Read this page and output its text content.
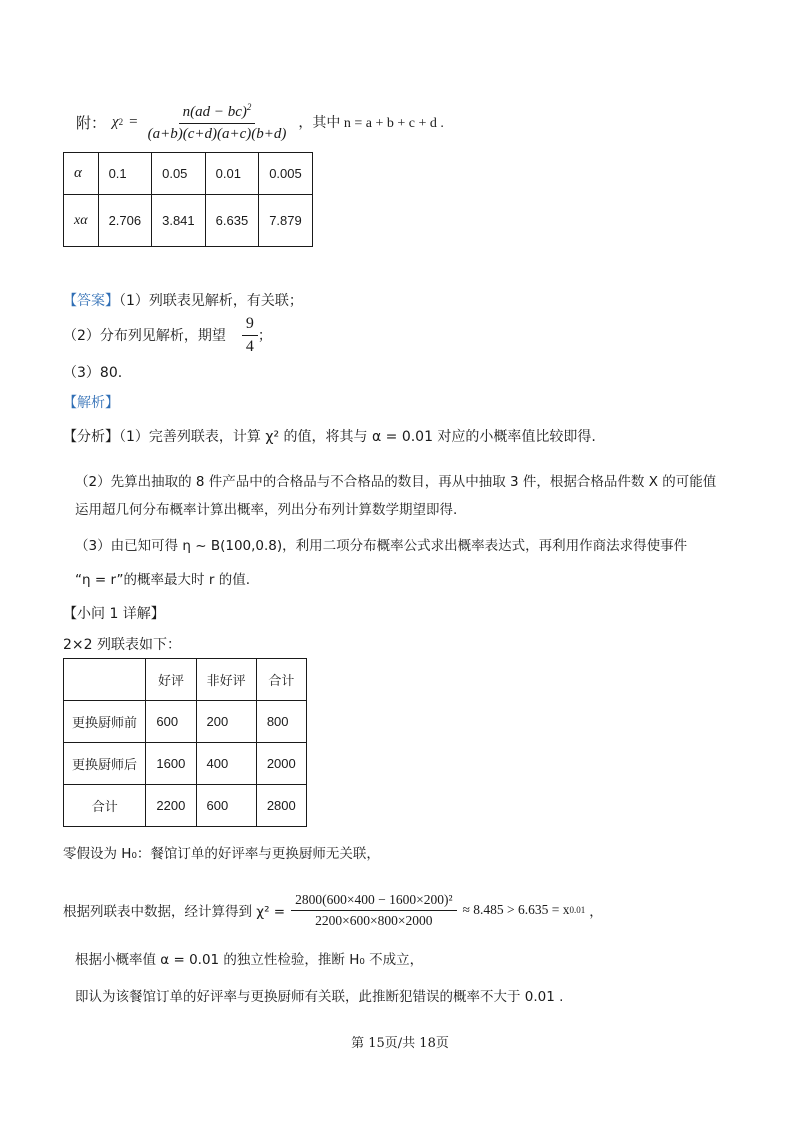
附： χ $2 = \frac{n(ad - bc)^2}{(a+b)(c+d)(a+c)(b+d)}$ ，其中 n = a + b + c + d .
α	0.1	0.05	0.01	0.005
xα	2.706	3.841	6.635	7.879
【答案】（1）列联表见解析，有关联；
（2）分布列见解析，期望 $\frac{9}{4}$ ；
（3）80.
【解析】
【分析】（1）完善列联表，计算 χ² 的值，将其与 α = 0.01 对应的小概率值比较即得.
（2）先算出抽取的 8 件产品中的合格品与不合格品的数目，再从中抽取 3 件，根据合格品件数 X 的可能值
运用超几何分布概率计算出概率，列出分布列计算数学期望即得.
（3）由已知可得 η ~ B(100,0.8)，利用二项分布概率公式求出概率表达式，再利用作商法求得使事件
“η = r”的概率最大时 r 的值.
【小问 1 详解】
2×2 列联表如下：
	好评	非好评	合计
更换厨师前	600	200	800
更换厨师后	1600	400	2000
合计	2200	600	2800
零假设为 H₀：餐馆订单的好评率与更换厨师无关联，
根据列联表中数据，经计算得到 $\chi^2 = \frac{\text{2800(600×400 − 1600×200)²}}{2200\times 600\times 800\times 2000} \approx 8.485 > 6.635 = x$ 0.01 ，
根据小概率值 α = 0.01 的独立性检验，推断 H₀ 不成立，
即认为该餐馆订单的好评率与更换厨师有关联，此推断犯错误的概率不大于 0.01 .
第 15页/共 18页
